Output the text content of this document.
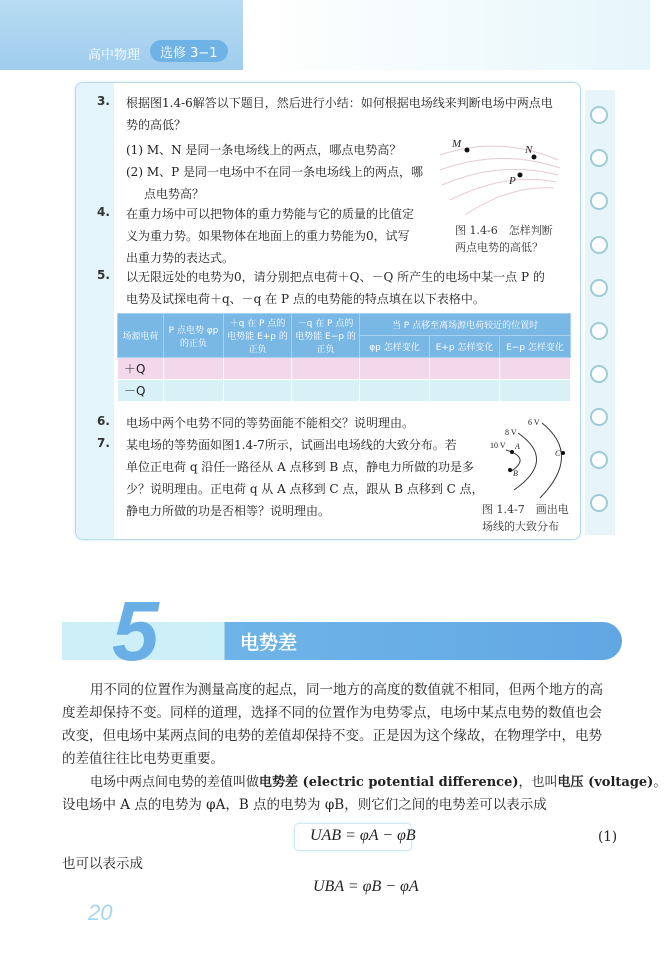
高中物理	选修 3−1
3. 根据图1.4-6解答以下题目，然后进行小结：如何根据电场线来判断电场中两点电
势的高低？
(1) M、N 是同一条电场线上的两点，哪点电势高？
(2) M、P 是同一电场中不在同一条电场线上的两点，哪
点电势高？
4. 在重力场中可以把物体的重力势能与它的质量的比值定
义为重力势。如果物体在地面上的重力势能为0，试写
出重力势的表达式。
5. 以无限远处的电势为0，请分别把点电荷＋Q、－Q 所产生的电场中某一点 P 的
电势及试探电荷＋q、－q 在 P 点的电势能的特点填在以下表格中。
M	N
P
图 1.4-6　怎样判断
两点电势的高低？
场源电荷	P 点电势 φp 的正负	＋q 在 P 点的电势能 E+p 的正负	－q 在 P 点的电势能 E−p 的正负	当 P 点移至离场源电荷较近的位置时		
				φp 怎样变化	E+p 怎样变化	E−p 怎样变化
＋Q						
－Q						
6. 电场中两个电势不同的等势面能不能相交？说明理由。
7. 某电场的等势面如图1.4-7所示，试画出电场线的大致分布。若
单位正电荷 q 沿任一路径从 A 点移到 B 点，静电力所做的功是多
少？说明理由。正电荷 q 从 A 点移到 C 点，跟从 B 点移到 C 点，
静电力所做的功是否相等？说明理由。
6 V
8 V
10 V A
B
C
图 1.4-7　画出电
场线的大致分布
5	电势差
用不同的位置作为测量高度的起点，同一地方的高度的数值就不相同，但两个地方的高
度差却保持不变。同样的道理，选择不同的位置作为电势零点，电场中某点电势的数值也会
改变，但电场中某两点间的电势的差值却保持不变。正是因为这个缘故，在物理学中，电势
的差值往往比电势更重要。
电场中两点间电势的差值叫做电势差 (electric potential difference)，也叫电压 (voltage)。
设电场中 A 点的电势为 φA，B 点的电势为 φB，则它们之间的电势差可以表示成
UAB = φA − φB	(1)
也可以表示成
UBA = φB − φA
20
